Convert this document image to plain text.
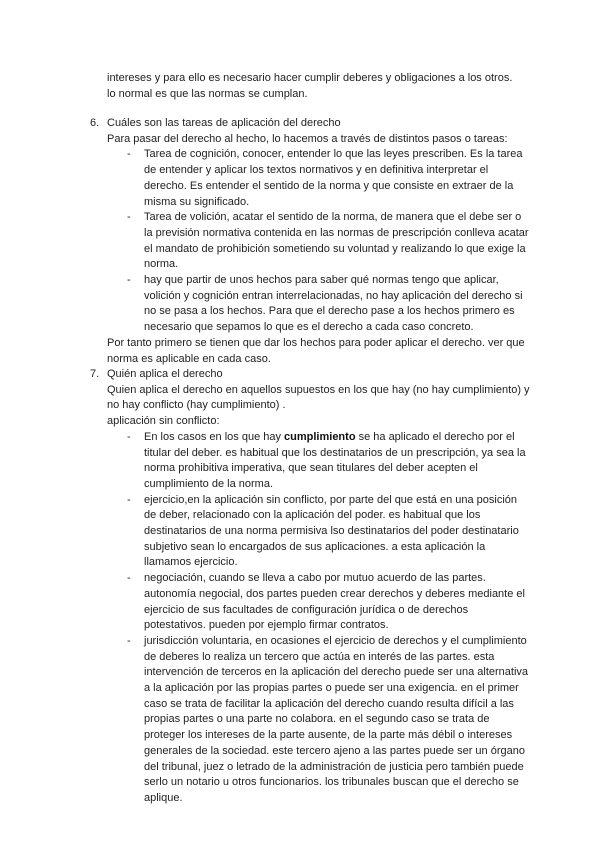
intereses y para ello es necesario hacer cumplir deberes y obligaciones a los otros.

lo normal es que las normas se cumplan.

6. Cuáles son las tareas de aplicación del derecho

Para pasar del derecho al hecho, lo hacemos a través de distintos pasos o tareas:

- Tarea de cognición, conocer, entender lo que las leyes prescriben. Es la tarea de entender y aplicar los textos normativos y en definitiva interpretar el derecho. Es entender el sentido de la norma y que consiste en extraer de la misma su significado.
- Tarea de volición, acatar el sentido de la norma, de manera que el debe ser o la previsión normativa contenida en las normas de prescripción conlleva acatar el mandato de prohibición sometiendo su voluntad y realizando lo que exige la norma.
- hay que partir de unos hechos para saber qué normas tengo que aplicar, volición y cognición entran interrelacionadas, no hay aplicación del derecho si no se pasa a los hechos. Para que el derecho pase a los hechos primero es necesario que sepamos lo que es el derecho a cada caso concreto.

Por tanto primero se tienen que dar los hechos para poder aplicar el derecho. ver que norma es aplicable en cada caso.

7. Quién aplica el derecho

Quien aplica el derecho en aquellos supuestos en los que hay (no hay cumplimiento) y no hay conflicto (hay cumplimiento) .

aplicación sin conflicto:

- En los casos en los que hay cumplimiento se ha aplicado el derecho por el titular del deber. es habitual que los destinatarios de un prescripción, ya sea la norma prohibitiva imperativa, que sean titulares del deber acepten el cumplimiento de la norma.
- ejercicio,en la aplicación sin conflicto, por parte del que está en una posición de deber, relacionado con la aplicación del poder. es habitual que los destinatarios de una norma permisiva lso destinatarios del poder destinatario subjetivo sean lo encargados de sus aplicaciones. a esta aplicación la llamamos ejercicio.
- negociación, cuando se lleva a cabo por mutuo acuerdo de las partes. autonomía negocial, dos partes pueden crear derechos y deberes mediante el ejercicio de sus facultades de configuración jurídica o de derechos potestativos. pueden por ejemplo firmar contratos.
- jurisdicción voluntaria, en ocasiones el ejercicio de derechos y el cumplimiento de deberes lo realiza un tercero que actúa en interés de las partes. esta intervención de terceros en la aplicación del derecho puede ser una alternativa a la aplicación por las propias partes o puede ser una exigencia. en el primer caso se trata de facilitar la aplicación del derecho cuando resulta difícil a las propias partes o una parte no colabora. en el segundo caso se trata de proteger los intereses de la parte ausente, de la parte más débil o intereses generales de la sociedad. este tercero ajeno a las partes puede ser un órgano del tribunal, juez o letrado de la administración de justicia pero también puede serlo un notario u otros funcionarios. los tribunales buscan que el derecho se aplique.
